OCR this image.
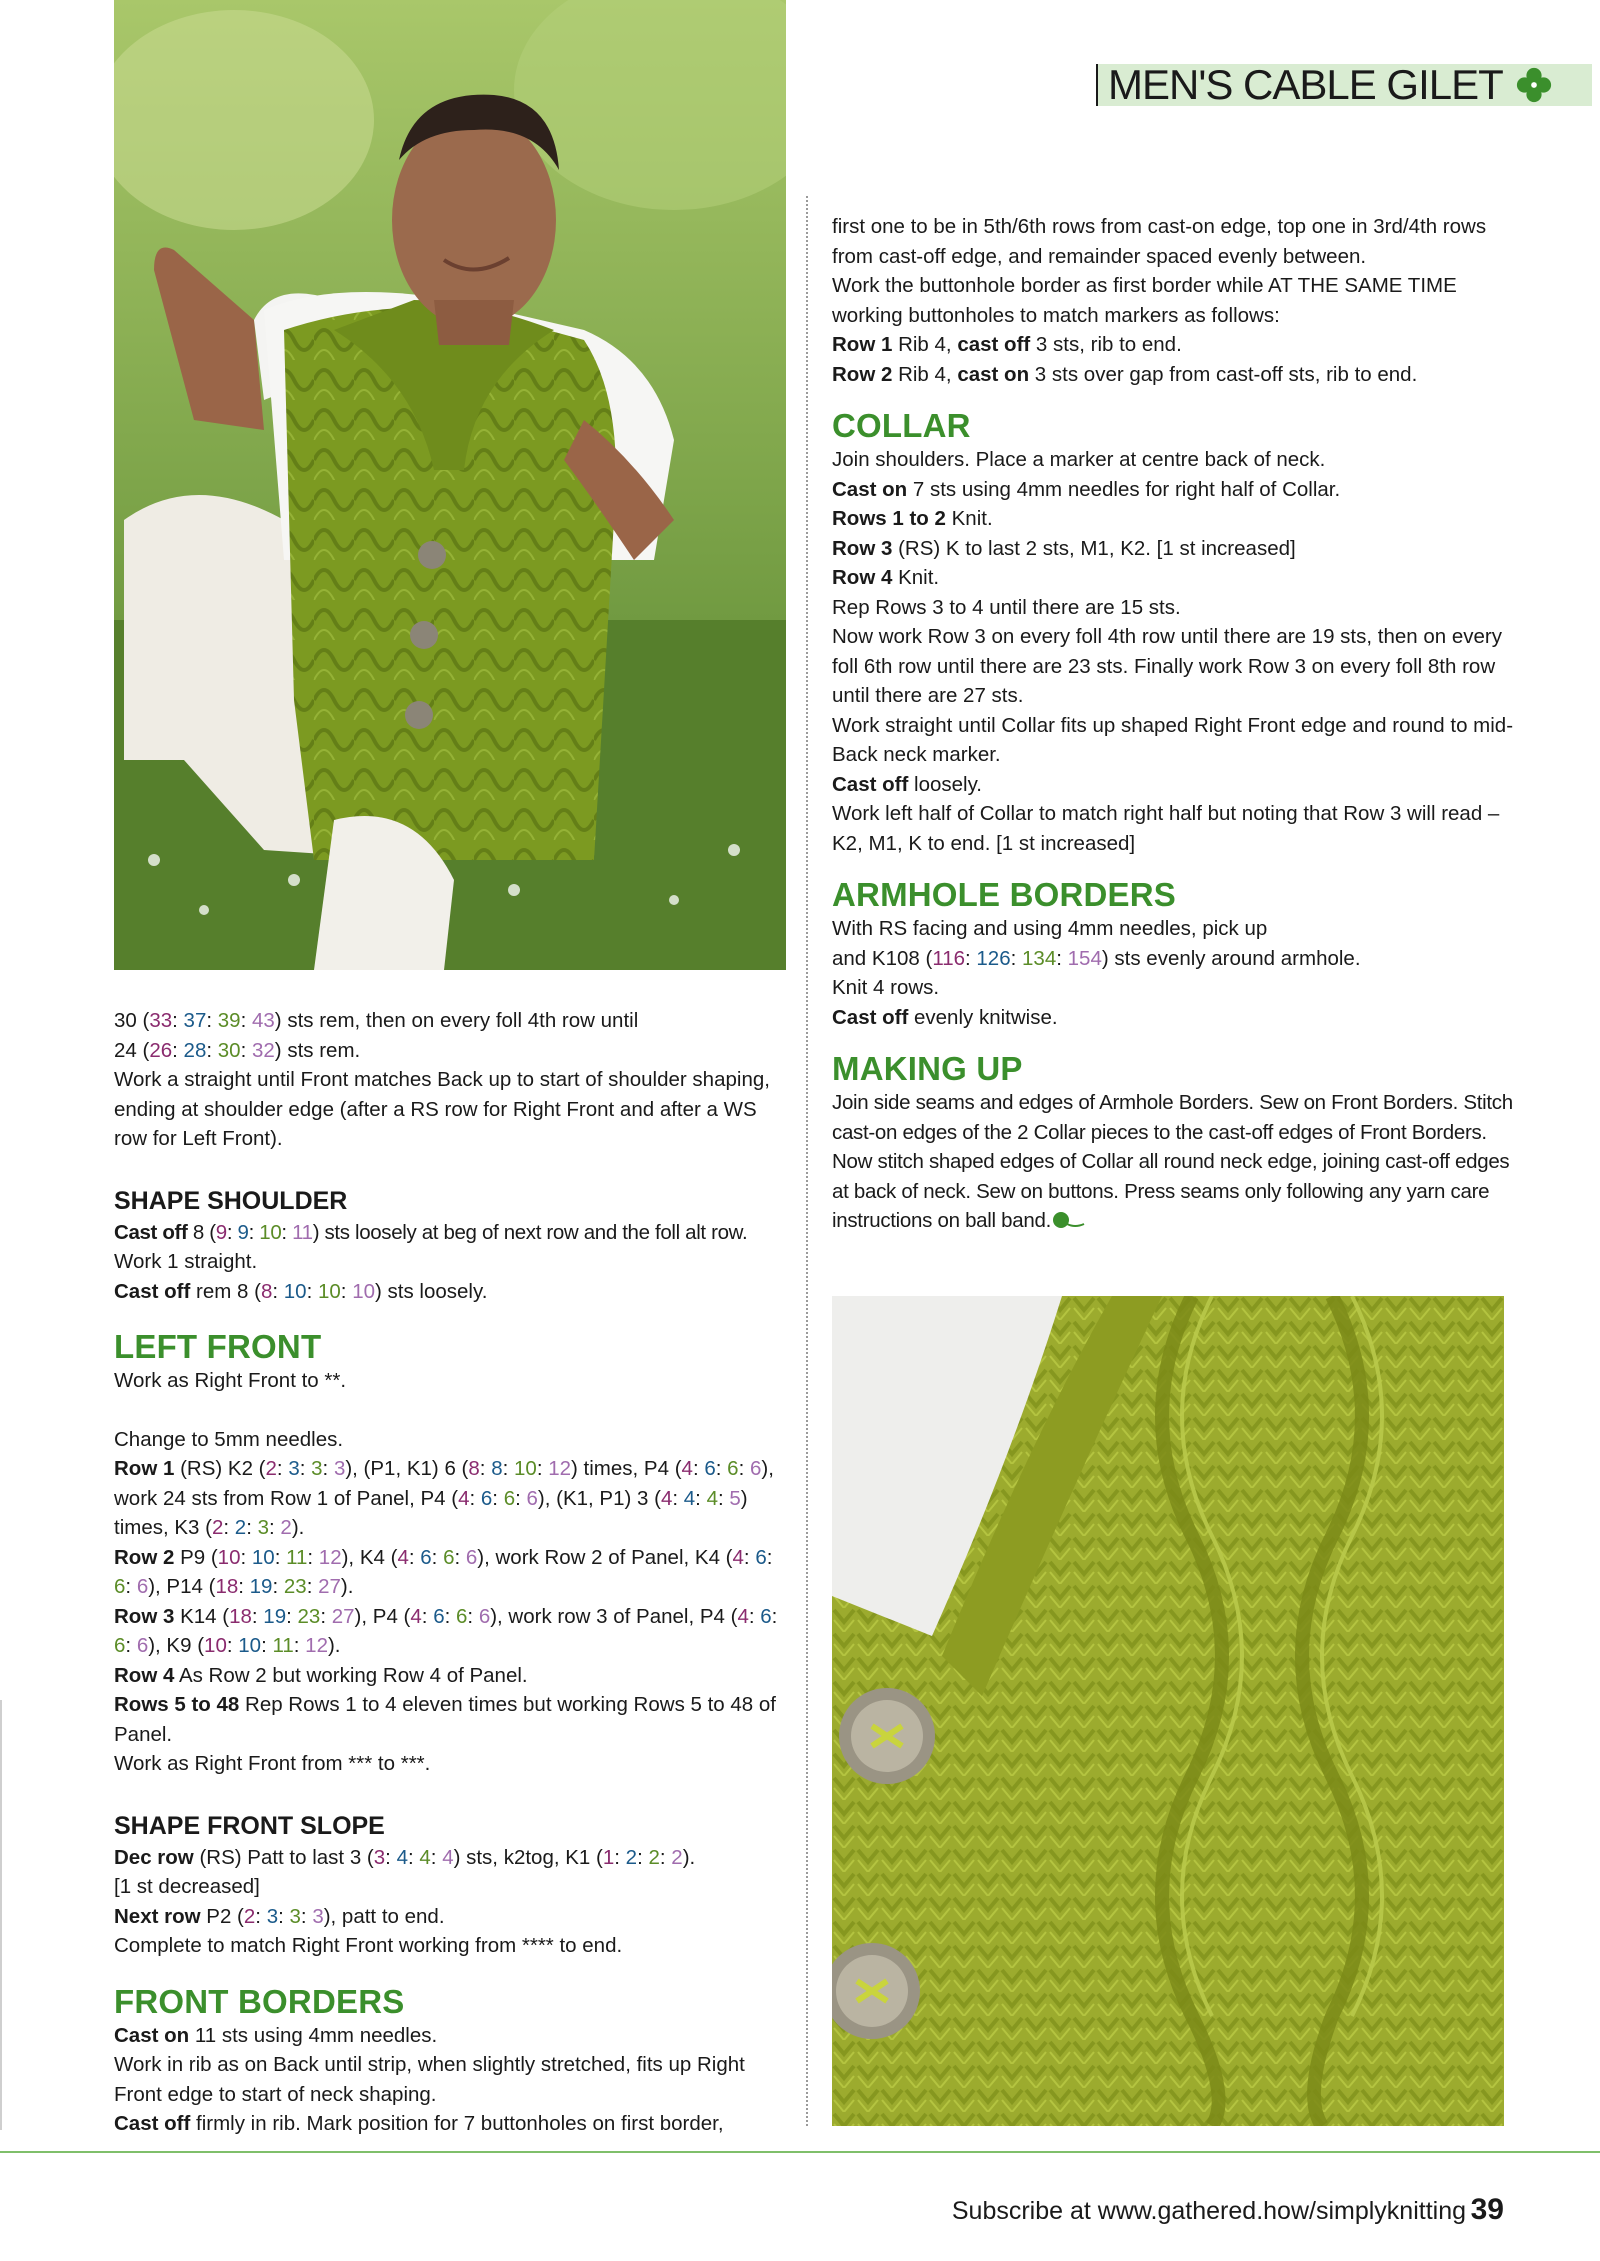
MEN'S CABLE GILET

30 (33: 37: 39: 43) sts rem, then on every foll 4th row until

24 (26: 28: 30: 32) sts rem.

Work a straight until Front matches Back up to start of shoulder shaping, ending at shoulder edge (after a RS row for Right Front and after a WS row for Left Front).

SHAPE SHOULDER

Cast off 8 (9: 9: 10: 11) sts loosely at beg of next row and the foll alt row.

Work 1 straight.

Cast off rem 8 (8: 10: 10: 10) sts loosely.

LEFT FRONT

Work as Right Front to **.

Change to 5mm needles.

Row 1 (RS) K2 (2: 3: 3: 3), (P1, K1) 6 (8: 8: 10: 12) times, P4 (4: 6: 6: 6), work 24 sts from Row 1 of Panel, P4 (4: 6: 6: 6), (K1, P1) 3 (4: 4: 4: 5) times, K3 (2: 2: 3: 2).

Row 2 P9 (10: 10: 11: 12), K4 (4: 6: 6: 6), work Row 2 of Panel, K4 (4: 6: 6: 6), P14 (18: 19: 23: 27).

Row 3 K14 (18: 19: 23: 27), P4 (4: 6: 6: 6), work row 3 of Panel, P4 (4: 6: 6: 6), K9 (10: 10: 11: 12).

Row 4 As Row 2 but working Row 4 of Panel.

Rows 5 to 48 Rep Rows 1 to 4 eleven times but working Rows 5 to 48 of Panel.

Work as Right Front from *** to ***.

SHAPE FRONT SLOPE

Dec row (RS) Patt to last 3 (3: 4: 4: 4) sts, k2tog, K1 (1: 2: 2: 2).

[1 st decreased]

Next row P2 (2: 3: 3: 3), patt to end.

Complete to match Right Front working from **** to end.

FRONT BORDERS

Cast on 11 sts using 4mm needles.

Work in rib as on Back until strip, when slightly stretched, fits up Right Front edge to start of neck shaping.

Cast off firmly in rib. Mark position for 7 buttonholes on first border,

first one to be in 5th/6th rows from cast-on edge, top one in 3rd/4th rows from cast-off edge, and remainder spaced evenly between.

Work the buttonhole border as first border while AT THE SAME TIME working buttonholes to match markers as follows:

Row 1 Rib 4, cast off 3 sts, rib to end.

Row 2 Rib 4, cast on 3 sts over gap from cast-off sts, rib to end.

COLLAR

Join shoulders. Place a marker at centre back of neck.

Cast on 7 sts using 4mm needles for right half of Collar.

Rows 1 to 2 Knit.

Row 3 (RS) K to last 2 sts, M1, K2. [1 st increased]

Row 4 Knit.

Rep Rows 3 to 4 until there are 15 sts.

Now work Row 3 on every foll 4th row until there are 19 sts, then on every foll 6th row until there are 23 sts. Finally work Row 3 on every foll 8th row until there are 27 sts.

Work straight until Collar fits up shaped Right Front edge and round to mid-Back neck marker.

Cast off loosely.

Work left half of Collar to match right half but noting that Row 3 will read – K2, M1, K to end. [1 st increased]

ARMHOLE BORDERS

With RS facing and using 4mm needles, pick up

and K108 (116: 126: 134: 154) sts evenly around armhole.

Knit 4 rows.

Cast off evenly knitwise.

MAKING UP

Join side seams and edges of Armhole Borders. Sew on Front Borders. Stitch cast-on edges of the 2 Collar pieces to the cast-off edges of Front Borders. Now stitch shaped edges of Collar all round neck edge, joining cast-off edges at back of neck. Sew on buttons. Press seams only following any yarn care instructions on ball band.

Subscribe at www.gathered.how/simplyknitting 39
